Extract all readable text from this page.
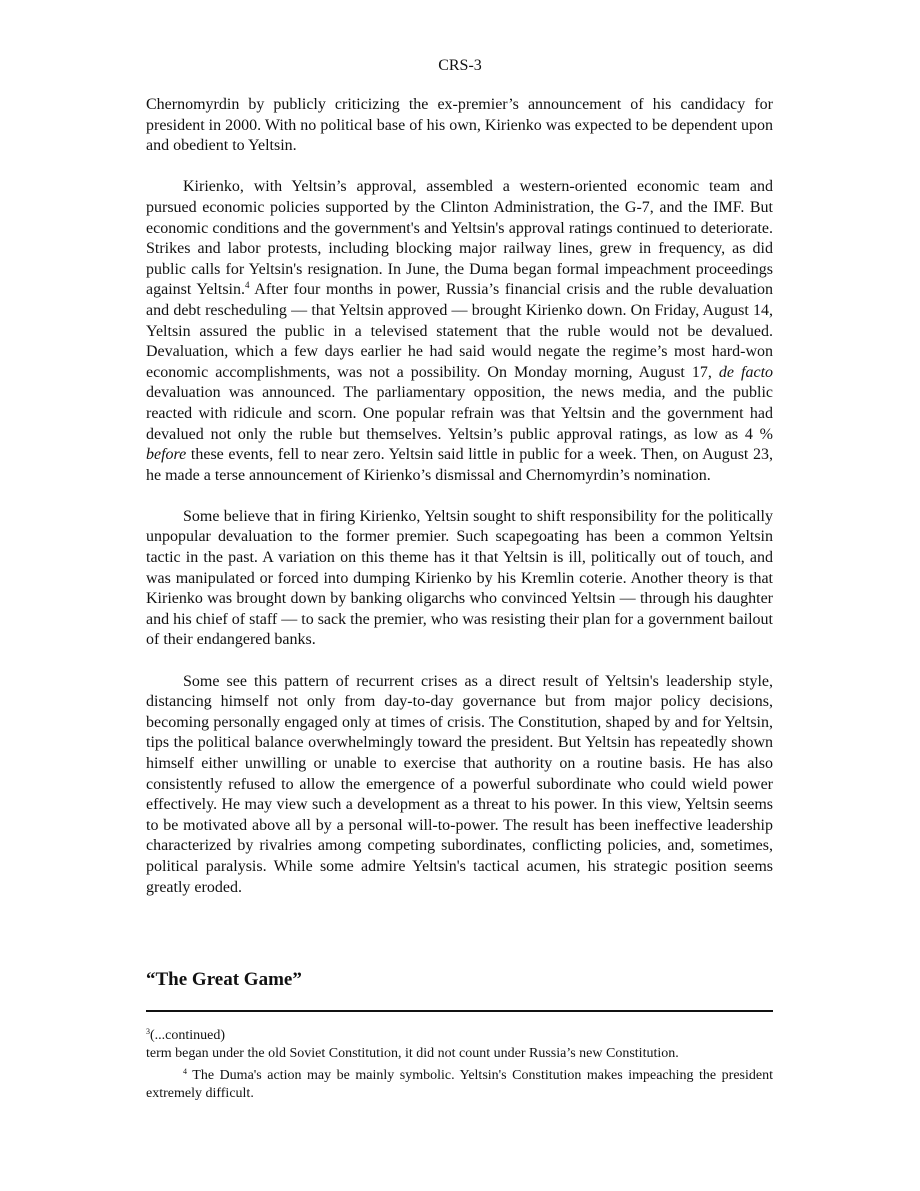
CRS-3

Chernomyrdin by publicly criticizing the ex-premier’s announcement of his candidacy for president in 2000. With no political base of his own, Kirienko was expected to be dependent upon and obedient to Yeltsin.

Kirienko, with Yeltsin’s approval, assembled a western-oriented economic team and pursued economic policies supported by the Clinton Administration, the G-7, and the IMF. But economic conditions and the government's and Yeltsin's approval ratings continued to deteriorate. Strikes and labor protests, including blocking major railway lines, grew in frequency, as did public calls for Yeltsin's resignation. In June, the Duma began formal impeachment proceedings against Yeltsin.$^4$ After four months in power, Russia’s financial crisis and the ruble devaluation and debt rescheduling — that Yeltsin approved — brought Kirienko down. On Friday, August 14, Yeltsin assured the public in a televised statement that the ruble would not be devalued. Devaluation, which a few days earlier he had said would negate the regime’s most hard-won economic accomplishments, was not a possibility. On Monday morning, August 17, de facto devaluation was announced. The parliamentary opposition, the news media, and the public reacted with ridicule and scorn. One popular refrain was that Yeltsin and the government had devalued not only the ruble but themselves. Yeltsin’s public approval ratings, as low as 4 % before these events, fell to near zero. Yeltsin said little in public for a week. Then, on August 23, he made a terse announcement of Kirienko’s dismissal and Chernomyrdin’s nomination.

Some believe that in firing Kirienko, Yeltsin sought to shift responsibility for the politically unpopular devaluation to the former premier. Such scapegoating has been a common Yeltsin tactic in the past. A variation on this theme has it that Yeltsin is ill, politically out of touch, and was manipulated or forced into dumping Kirienko by his Kremlin coterie. Another theory is that Kirienko was brought down by banking oligarchs who convinced Yeltsin — through his daughter and his chief of staff — to sack the premier, who was resisting their plan for a government bailout of their endangered banks.

Some see this pattern of recurrent crises as a direct result of Yeltsin's leadership style, distancing himself not only from day-to-day governance but from major policy decisions, becoming personally engaged only at times of crisis. The Constitution, shaped by and for Yeltsin, tips the political balance overwhelmingly toward the president. But Yeltsin has repeatedly shown himself either unwilling or unable to exercise that authority on a routine basis. He has also consistently refused to allow the emergence of a powerful subordinate who could wield power effectively. He may view such a development as a threat to his power. In this view, Yeltsin seems to be motivated above all by a personal will-to-power. The result has been ineffective leadership characterized by rivalries among competing subordinates, conflicting policies, and, sometimes, political paralysis. While some admire Yeltsin's tactical acumen, his strategic position seems greatly eroded.

“The Great Game”

$^3$(...continued)

term began under the old Soviet Constitution, it did not count under Russia’s new Constitution.

$^4$ The Duma's action may be mainly symbolic. Yeltsin's Constitution makes impeaching the president extremely difficult.
